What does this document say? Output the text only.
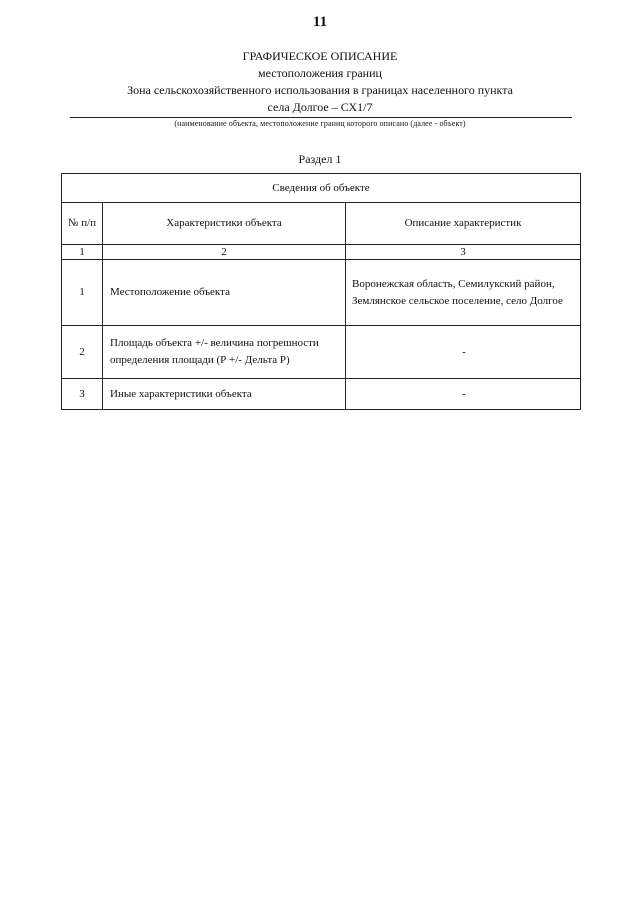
11
ГРАФИЧЕСКОЕ ОПИСАНИЕ
местоположения границ
Зона сельскохозяйственного использования в границах населенного пункта
села Долгое – СХ1/7
(наименование объекта, местоположение границ которого описано (далее - объект)
Раздел 1
Сведения об объекте		
№ п/п	Характеристики объекта	Описание характеристик
1	2	3
1	Местоположение объекта	Воронежская область, Семилукский район, Землянское сельское поселение, село Долгое
2	Площадь объекта +/- величина погрешности определения площади (Р +/- Дельта Р)	-
3	Иные характеристики объекта	-
